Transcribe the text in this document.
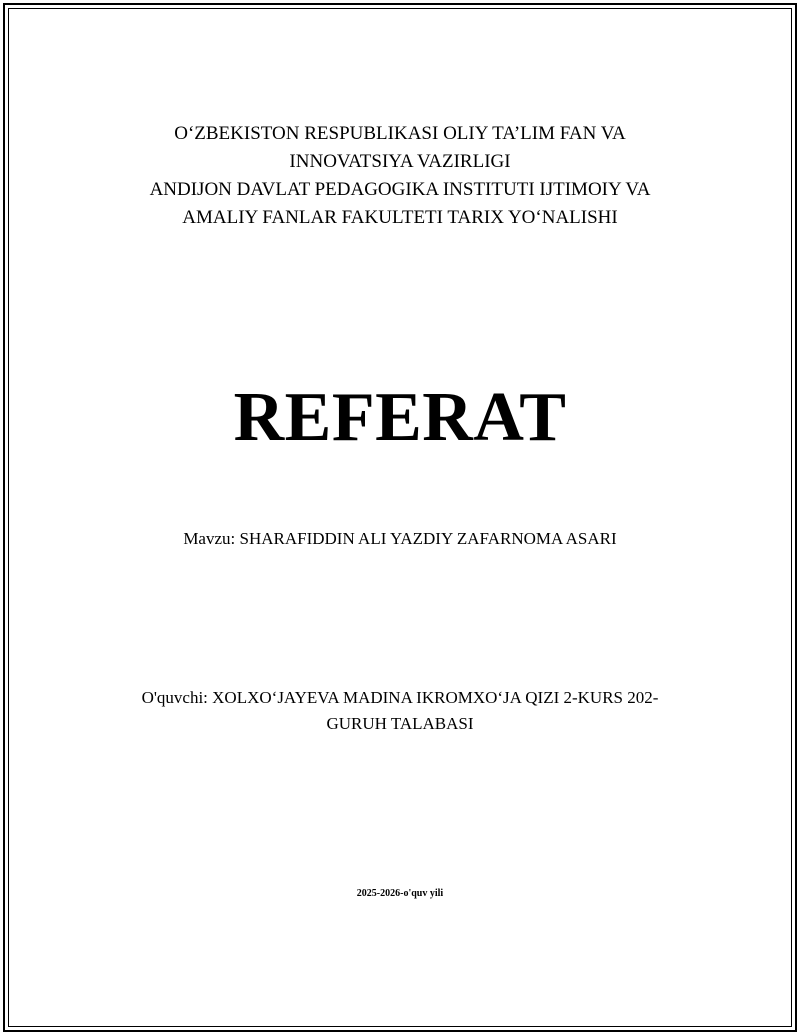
O‘ZBEKISTON RESPUBLIKASI OLIY TA’LIM FAN VA
INNOVATSIYA VAZIRLIGI
ANDIJON DAVLAT PEDAGOGIKA INSTITUTI IJTIMOIY VA
AMALIY FANLAR FAKULTETI TARIX YO‘NALISHI
REFERAT
Mavzu: SHARAFIDDIN ALI YAZDIY ZAFARNOMA ASARI
O'quvchi: XOLXO‘JAYEVA MADINA IKROMXO‘JA QIZI 2-KURS 202-
GURUH TALABASI
2025-2026-o'quv yili
